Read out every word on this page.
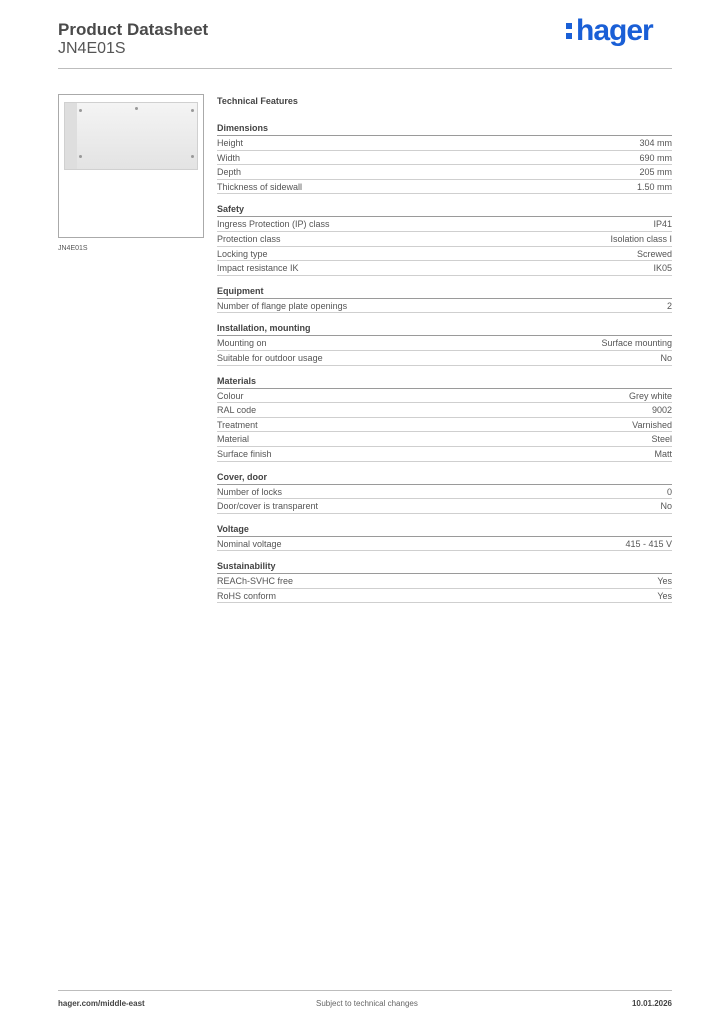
Product Datasheet
JN4E01S
hager
JN4E01S
Technical Features
Dimensions
Height	304 mm
Width	690 mm
Depth	205 mm
Thickness of sidewall	1.50 mm
Safety
Ingress Protection (IP) class	IP41
Protection class	Isolation class I
Locking type	Screwed
Impact resistance IK	IK05
Equipment
Number of flange plate openings	2
Installation, mounting
Mounting on	Surface mounting
Suitable for outdoor usage	No
Materials
Colour	Grey white
RAL code	9002
Treatment	Varnished
Material	Steel
Surface finish	Matt
Cover, door
Number of locks	0
Door/cover is transparent	No
Voltage
Nominal voltage	415 - 415 V
Sustainability
REACh-SVHC free	Yes
RoHS conform	Yes
hager.com/middle-east	Subject to technical changes	10.01.2026
